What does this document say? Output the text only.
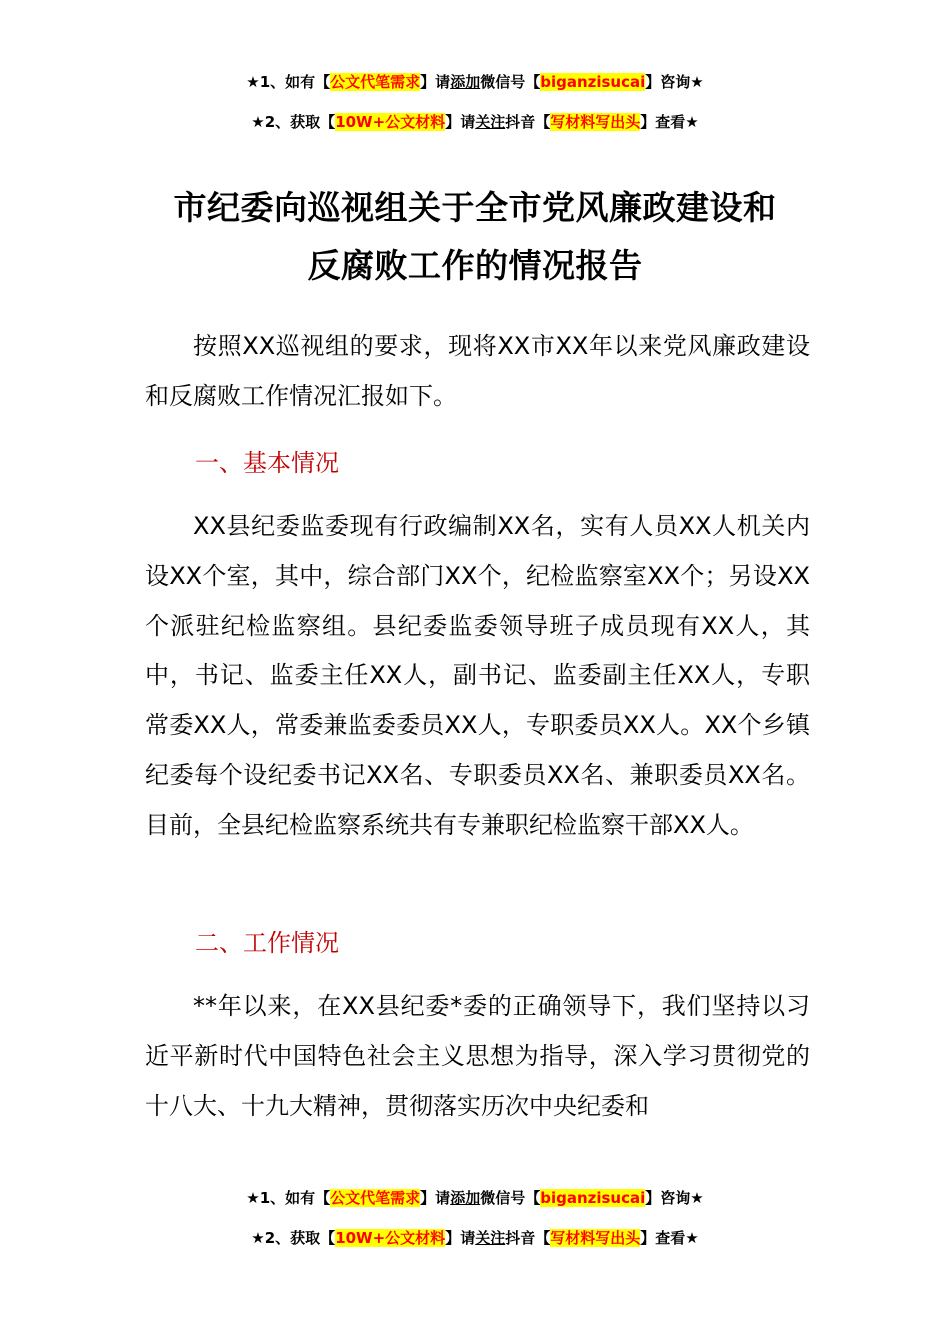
★1、如有【公文代笔需求】请添加微信号【biganzisucai】咨询★
★2、获取【10W+公文材料】请关注抖音【写材料写出头】查看★
市纪委向巡视组关于全市党风廉政建设和
反腐败工作的情况报告
按照XX巡视组的要求，现将XX市XX年以来党风廉政建设和反腐败工作情况汇报如下。
一、基本情况
XX县纪委监委现有行政编制XX名，实有人员XX人机关内设XX个室，其中，综合部门XX个，纪检监察室XX个；另设XX个派驻纪检监察组。县纪委监委领导班子成员现有XX人，其中，书记、监委主任XX人，副书记、监委副主任XX人，专职常委XX人，常委兼监委委员XX人，专职委员XX人。XX个乡镇纪委每个设纪委书记XX名、专职委员XX名、兼职委员XX名。目前，全县纪检监察系统共有专兼职纪检监察干部XX人。
二、工作情况
**年以来，在XX县纪委*委的正确领导下，我们坚持以习近平新时代中国特色社会主义思想为指导，深入学习贯彻党的十八大、十九大精神，贯彻落实历次中央纪委和
★1、如有【公文代笔需求】请添加微信号【biganzisucai】咨询★
★2、获取【10W+公文材料】请关注抖音【写材料写出头】查看★
